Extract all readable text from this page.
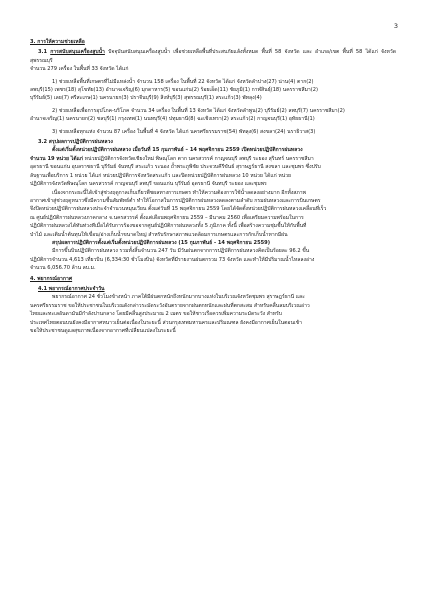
3

3. การให้ความช่วยเหลือ

3.1 การสนับสนุนเครื่องสูบน้ำ ปัจจุบันสนับสนุนเครื่องสูบน้ำ เพื่อช่วยเหลือพื้นที่ประสบภัยแล้งทั้งหมด พื้นที่ 58 จังหวัด และ อำเภอ/เขต พื้นที่ 58 ได้แก่ จังหวัดสุพรรณบุรี

จำนวน 279 เครื่อง ในพื้นที่ 33 จังหวัด ได้แก่

1) ช่วยเหลือพื้นที่เกษตรที่ไม่มีแหล่งน้ำ จำนวน 158 เครื่อง ในพื้นที่ 22 จังหวัด ได้แก่ จังหวัดลำปาง(27) น่าน(4) ตาก(2)

ลพบุรี(15) เพชร(18) สุโขทัย(13) อำนาจเจริญ(6) มุกดาหาร(5) ขอนแก่น(2) ร้อยเอ็ด(11) ชัยภูมิ(1) กาฬสินธุ์(18) นครราชสีมา(2)

บุรีรัมย์(5) เลย(7) ศรีสะเกษ(1) นครนายก(3) ปราจีนบุรี(9) สิงห์บุรี(3) สุพรรณบุรี(1) สระแก้ว(3) พัทลุง(4)

2) ช่วยเหลือเพื่อการอุปโภค-บริโภค จำนวน 34 เครื่อง ในพื้นที่ 13 จังหวัด ได้แก่ จังหวัดลำพูน(2) บุรีรัมย์(2) ลพบุรี(7) นครราชสีมา(2)

อำนาจเจริญ(1) นครนายก(2) ชลบุรี(1) กรุงเทพ(1) นนทบุรี(4) ปทุมธานี(8) ฉะเชิงเทรา(2) สระแก้ว(2) กาญจนบุรี(1) อุทัยธานี(1)

3) ช่วยเหลือทุกแห่ง จำนวน 87 เครื่อง ในพื้นที่ 4 จังหวัด ได้แก่ นครศรีธรรมราช(54) พัทลุง(6) สงขลา(24) นราธิวาส(3)

3.2 สรุปผลการปฏิบัติการฝนหลวง

ตั้งแต่เริ่มตั้งหน่วยปฏิบัติการฝนหลวง เมื่อวันที่ 15 กุมภาพันธ์ – 14 พฤศจิกายน 2559 เปิดหน่วยปฏิบัติการฝนหลวง

จำนวน 19 หน่วย ได้แก่ หน่วยปฏิบัติการจังหวัดเชียงใหม่ พิษณุโลก ตาก นครสวรรค์ กาญจนบุรี ลพบุรี ระยอง สุรินทร์ นครราชสีมา

อุดรธานี ขอนแก่น อุบลราชธานี บุรีรัมย์ จันทบุรี สระแก้ว ระนอง ถ้ำพระภูพิชัย ประจวบคีรีขันธ์ สุราษฎร์ธานี สงขลา และชุมพร ซึ่งปรับ

ลับฐานเพื่อบริการ 1 หน่วย ได้แก่ หน่วยปฏิบัติการจังหวัดสระแก้ว และปิดหน่วยปฏิบัติการฝนหลวง 10 หน่วย ได้แก่ หน่วย

ปฏิบัติการจังหวัดพิษณุโลก นครสวรรค์ กาญจนบุรี ลพบุรี ขอนแก่น บุรีรัมย์ อุดรธานี จันทบุรี ระยอง และชุมพร

เนื่องจากระยะนี้ได้เข้าสู่ช่วงฤดูกาลเก็บเกี่ยวพืชผลทางการเกษตร ทำให้ความต้องการใช้น้ำลดลงอย่างมาก อีกทั้งสภาพ

อากาศเข้าสู่ช่วงฤดูหนาวซึ่งมีความชื้นสัมพัทธ์ต่ำ ทำให้โอกาสในการปฏิบัติการฝนหลวงลดลงตามลำดับ กรมฝนหลวงและการบินเกษตร

จึงปิดหน่วยปฏิบัติการฝนหลวงประจำจำนวนหมุนเวียน ตั้งแต่วันที่ 15 พฤศจิกายน 2559 โดยได้จัดตั้งหน่วยปฏิบัติการฝนหลวงเคลื่อนที่เร็ว

ณ ศูนย์ปฏิบัติการฝนหลวงภาคกลาง จ.นครสวรรค์ ตั้งแต่เดือนพฤศจิกายน 2559 – มีนาคม 2560 เพื่อเตรียมความพร้อมในการ

ปฏิบัติการฝนหลวงได้ทันท่วงทีเมื่อได้รับการร้องขอจากศูนย์ปฏิบัติการฝนหลวงทั้ง 5 ภูมิภาค ทั้งนี้ เพื่อสร้างความชุ่มชื้นให้กับพื้นที่

ป่าไม้ และเติมน้ำต้นทุนให้เขื่อน/อ่างเก็บน้ำขนาดใหญ่ สำหรับรักษาสภาพแวดล้อมการเกษตรและการกักเก็บน้ำหากมีฝน

สรุปผลการปฏิบัติการตั้งแต่เริ่มตั้งหน่วยปฏิบัติการฝนหลวง (15 กุมภาพันธ์ - 14 พฤศจิกายน 2559)

มีการขึ้นบินปฏิบัติการฝนหลวง รวมทั้งสิ้นจำนวน 247 วัน มีวันฝนตกจากการปฏิบัติการฝนหลวงคิดเป็นร้อยละ 96.2 ขึ้น

ปฏิบัติการจำนวน 4,613 เที่ยวบิน (6,334:30 ชั่วโมงบิน) จังหวัดที่มีรายงานฝนตกรวม 73 จังหวัด และทำให้มีปริมาณน้ำไหลลงอ่าง

จำนวน 6,056.70 ล้าน ลบ.ม.

4. พยากรณ์อากาศ

4.1 พยากรณ์อากาศประจำวัน

พยากรณ์อากาศ 24 ชั่วโมงข้างหน้า ภาคใต้มีฝนตกหนักถึงหนักมากบางแห่งในบริเวณจังหวัดชุมพร สุราษฎร์ธานี และ

นครศรีธรรมราช ขอให้ประชาชนในบริเวณดังกล่าวระมัดระวังอันตรายจากฝนตกหนักและฝนที่ตกสะสม สำหรับคลื่นลมบริเวณอ่าว

ไทยและทะเลอันดามันมีกำลังปานกลาง โดยมีคลื่นสูงประมาณ 2 เมตร ขอให้ชาวเรือควรเพิ่มความระมัดระวัง สำหรับ

ประเทศไทยตอนบนยังคงมีอากาศหนาวเย็นต่อเนื่องในระยะนี้ ส่วนกรุงเทพมหานครและปริมณฑล ยังคงมีอากาศเย็นในตอนเช้า

ขอให้ประชาชนดูแลสุขภาพเนื่องจากอากาศที่เปลี่ยนแปลงในระยะนี้
